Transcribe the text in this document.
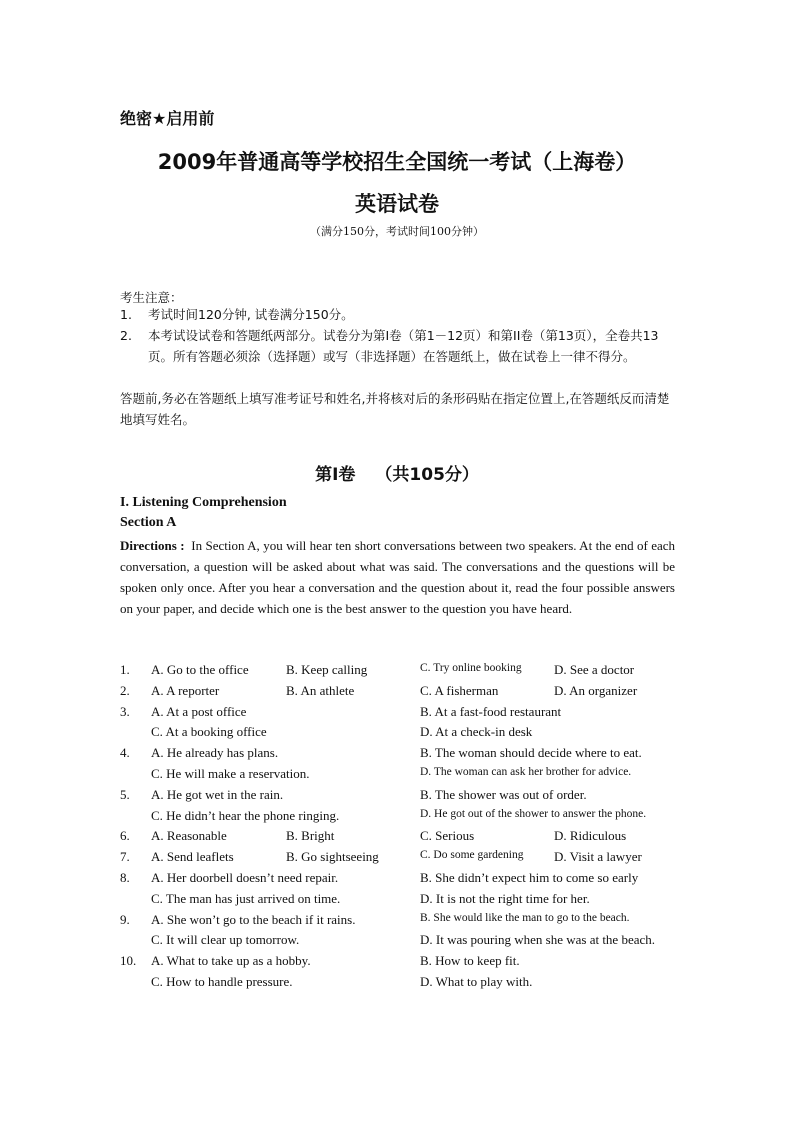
绝密★启用前
2009年普通高等学校招生全国统一考试（上海卷）
英语试卷
（满分150分，考试时间100分钟）
考生注意：
1. 考试时间120分钟, 试卷满分150分。
2. 本考试设试卷和答题纸两部分。试卷分为第I卷（第1－12页）和第II卷（第13页），全卷共13页。所有答题必须涂（选择题）或写（非选择题）在答题纸上，做在试卷上一律不得分。
答题前,务必在答题纸上填写准考证号和姓名,并将核对后的条形码贴在指定位置上,在答题纸反而清楚地填写姓名。
第I卷 （共105分）
I. Listening Comprehension
Section A
Directions : In Section A, you will hear ten short conversations between two speakers. At the end of each conversation, a question will be asked about what was said. The conversations and the questions will be spoken only once. After you hear a conversation and the question about it, read the four possible answers on your paper, and decide which one is the best answer to the question you have heard.
1. A. Go to the office	B. Keep calling	C. Try online booking D. See a doctor
2. A. A reporter	B. An athlete	C. A fisherman	D. An organizer
3. A. At a post office	B. At a fast-food restaurant
C. At a booking office	D. At a check-in desk
4. A. He already has plans.	B. The woman should decide where to eat.
C. He will make a reservation.	D. The woman can ask her brother for advice.
5. A. He got wet in the rain.	B. The shower was out of order.
C. He didn’t hear the phone ringing.	D. He got out of the shower to answer the phone.
6. A. Reasonable	B. Bright	C. Serious	D. Ridiculous
7. A. Send leaflets	B. Go sightseeing	C. Do some gardening D. Visit a lawyer
8. A. Her doorbell doesn’t need repair.	B. She didn’t expect him to come so early
C. The man has just arrived on time.	D. It is not the right time for her.
9. A. She won’t go to the beach if it rains.	B. She would like the man to go to the beach.
C. It will clear up tomorrow.	D. It was pouring when she was at the beach.
10. A. What to take up as a hobby.	B. How to keep fit.
C. How to handle pressure.	D. What to play with.
